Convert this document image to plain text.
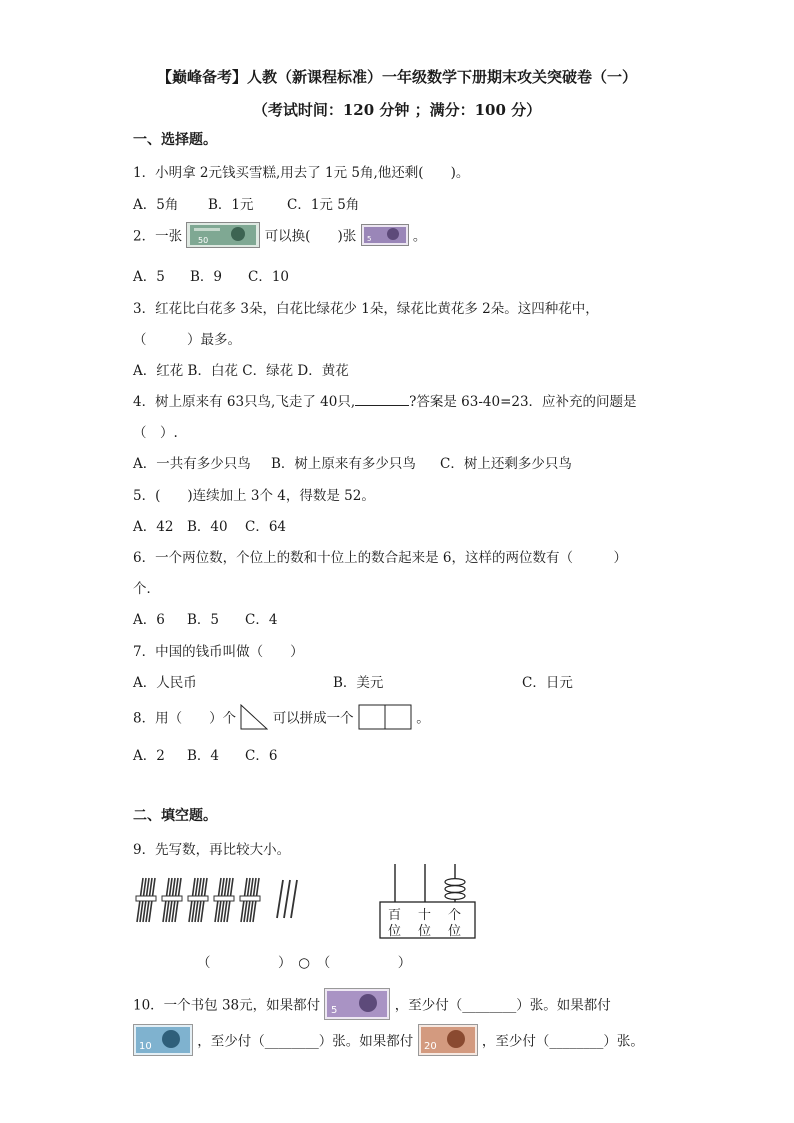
【巅峰备考】人教（新课程标准）一年级数学下册期末攻关突破卷（一）
（考试时间：120 分钟 ；满分：100 分）
一、选择题。
1．小明拿 2元钱买雪糕,用去了 1元 5角,他还剩(　　)。
A．5角 B．1元 C．1元 5角
2．一张 50	可以换(　　)张 5	。
A．5 B．9 C．10
3．红花比白花多 3朵，白花比绿花少 1朵，绿花比黄花多 2朵。这四种花中，
（　　　）最多。
A．红花 B．白花 C．绿花 D．黄花
4．树上原来有 63只鸟,飞走了 40只,	?答案是 63-40=23．应补充的问题是
（　）.
A．一共有多少只鸟 B．树上原来有多少只鸟 C．树上还剩多少只鸟
5．(　　)连续加上 3个 4，得数是 52。
A．42 B．40 C．64
6．一个两位数，个位上的数和十位上的数合起来是 6，这样的两位数有（　　　）
个．
A．6 B．5 C．4
7．中国的钱币叫做（　　）
A．人民币	B．美元	C．日元
8．用（　　）个	可以拼成一个	。
A．2 B．4 C．6
二、填空题。
9．先写数，再比较大小。
百 十 个
位 位 位
（　　　　　）　○　（　　　　　）
10．一个书包 38元，如果都付 5	，至少付（________）张。如果都付
10	，至少付（________）张。如果都付 20	，至少付（________）张。
